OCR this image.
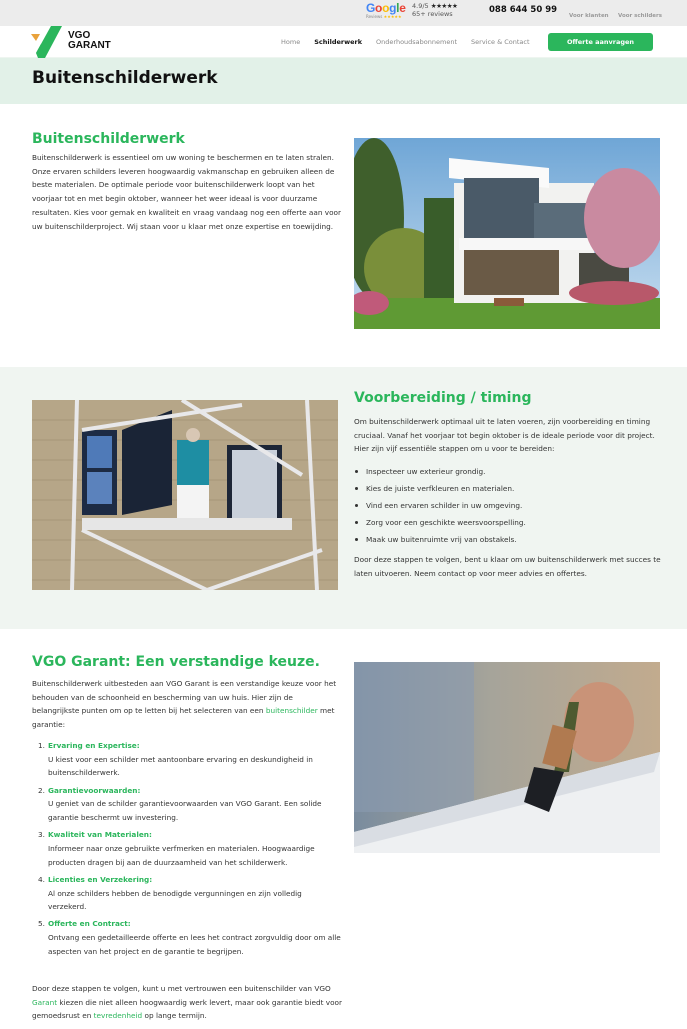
Google
Reviews ★★★★★
4.9/5 ★★★★★
65+ reviews	088 644 50 99
Voor klanten Voor schilders
VGO
GARANT	Home Schilderwerk Onderhoudsabonnement Service & Contact	Offerte aanvragen
Buitenschilderwerk
Buitenschilderwerk

Buitenschilderwerk is essentieel om uw woning te beschermen en te laten stralen. Onze ervaren schilders leveren hoogwaardig vakmanschap en gebruiken alleen de beste materialen. De optimale periode voor buitenschilderwerk loopt van het voorjaar tot en met begin oktober, wanneer het weer ideaal is voor duurzame resultaten. Kies voor gemak en kwaliteit en vraag vandaag nog een offerte aan voor uw buitenschilderproject. Wij staan voor u klaar met onze expertise en toewijding.

Voorbereiding / timing

Om buitenschilderwerk optimaal uit te laten voeren, zijn voorbereiding en timing cruciaal. Vanaf het voorjaar tot begin oktober is de ideale periode voor dit project. Hier zijn vijf essentiële stappen om u voor te bereiden:

Inspecteer uw exterieur grondig.
Kies de juiste verfkleuren en materialen.
Vind een ervaren schilder in uw omgeving.
Zorg voor een geschikte weersvoorspelling.
Maak uw buitenruimte vrij van obstakels.

Door deze stappen te volgen, bent u klaar om uw buitenschilderwerk met succes te laten uitvoeren. Neem contact op voor meer advies en offertes.

VGO Garant: Een verstandige keuze.

Buitenschilderwerk uitbesteden aan VGO Garant is een verstandige keuze voor het behouden van de schoonheid en bescherming van uw huis. Hier zijn de belangrijkste punten om op te letten bij het selecteren van een buitenschilder met garantie:

1. Ervaring en Expertise:
U kiest voor een schilder met aantoonbare ervaring en deskundigheid in buitenschilderwerk.
2. Garantievoorwaarden:
U geniet van de schilder garantievoorwaarden van VGO Garant. Een solide garantie beschermt uw investering.
3. Kwaliteit van Materialen:
Informeer naar onze gebruikte verfmerken en materialen. Hoogwaardige producten dragen bij aan de duurzaamheid van het schilderwerk.
4. Licenties en Verzekering:
Al onze schilders hebben de benodigde vergunningen en zijn volledig verzekerd.
5. Offerte en Contract:
Ontvang een gedetailleerde offerte en lees het contract zorgvuldig door om alle aspecten van het project en de garantie te begrijpen.

Door deze stappen te volgen, kunt u met vertrouwen een buitenschilder van VGO Garant kiezen die niet alleen hoogwaardig werk levert, maar ook garantie biedt voor gemoedsrust en tevredenheid op lange termijn.
